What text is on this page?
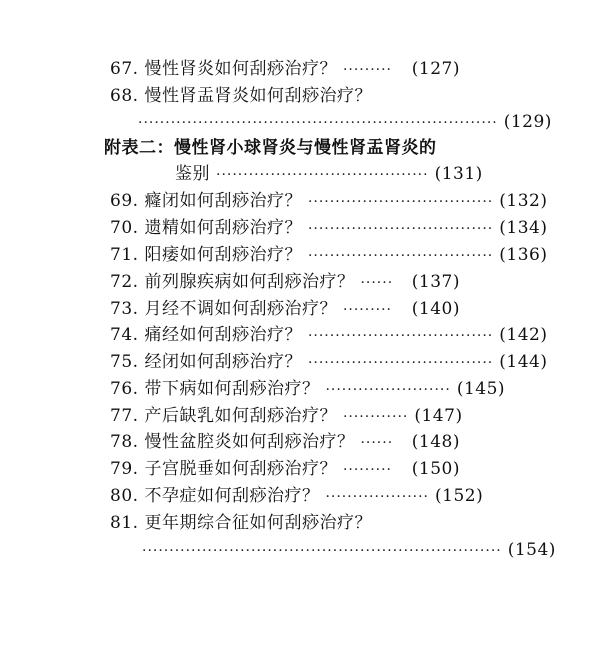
67. 慢性肾炎如何刮痧治疗？ ·········	(127)
68. 慢性肾盂肾炎如何刮痧治疗？
·································································· (129)
附表二：慢性肾小球肾炎与慢性肾盂肾炎的
鉴别 ······································· (131)
69. 癃闭如何刮痧治疗？ ·································· (132)
70. 遗精如何刮痧治疗？ ·································· (134)
71. 阳痿如何刮痧治疗？ ·································· (136)
72. 前列腺疾病如何刮痧治疗？ ······	(137)
73. 月经不调如何刮痧治疗？ ·········	(140)
74. 痛经如何刮痧治疗？ ·································· (142)
75. 经闭如何刮痧治疗？ ·································· (144)
76. 带下病如何刮痧治疗？ ······················· (145)
77. 产后缺乳如何刮痧治疗？ ············ (147)
78. 慢性盆腔炎如何刮痧治疗？ ······	(148)
79. 子宫脱垂如何刮痧治疗？ ·········	(150)
80. 不孕症如何刮痧治疗？ ··················· (152)
81. 更年期综合征如何刮痧治疗？
·································································· (154)
